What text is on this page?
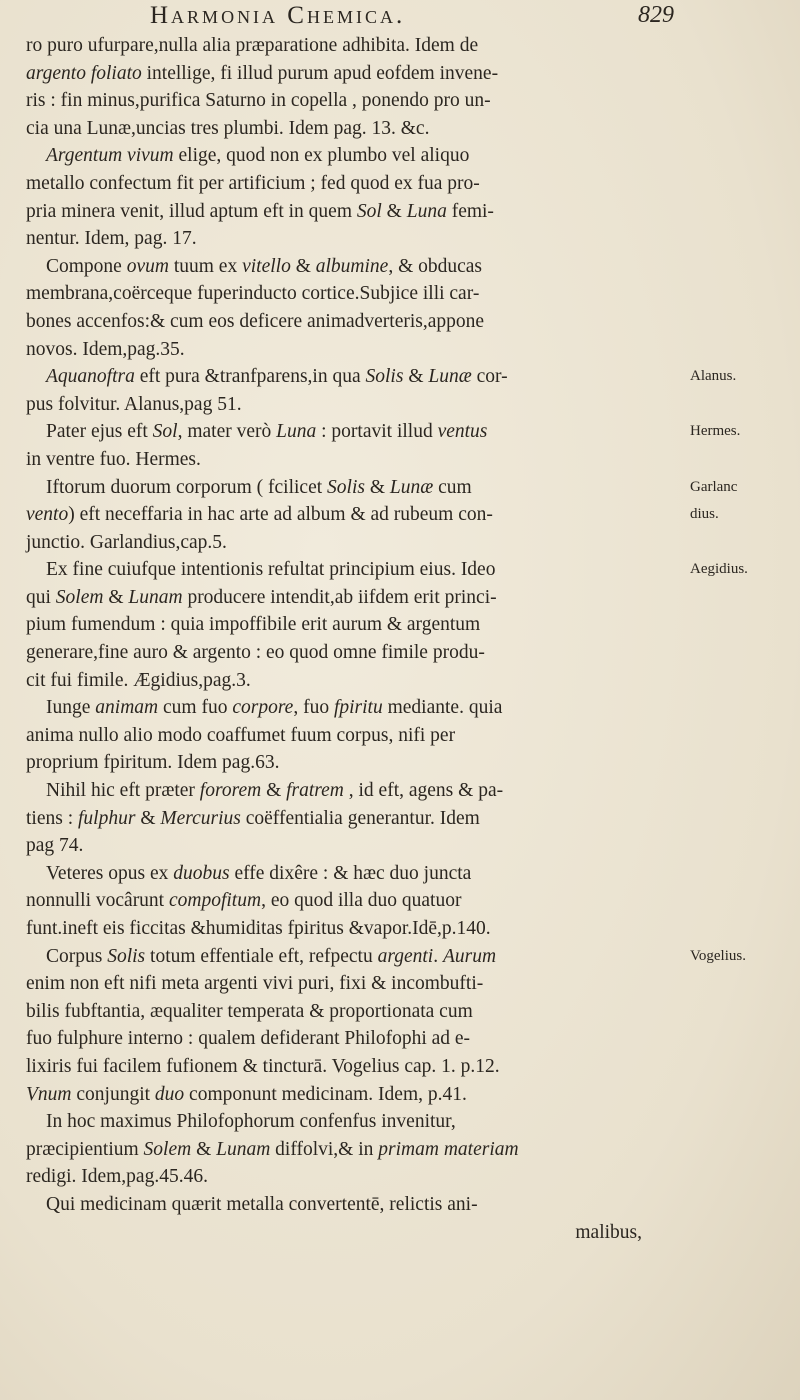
Harmonia Chemica.	829
ro puro ufurpare,nulla alia præparatione adhibita. Idem de
argento foliato intellige, fi illud purum apud eofdem invene-
ris : fin minus,purifica Saturno in copella , ponendo pro un-
cia una Lunæ,uncias tres plumbi. Idem pag. 13. &c.
Argentum vivum elige, quod non ex plumbo vel aliquo
metallo confectum fit per artificium ; fed quod ex fua pro-
pria minera venit, illud aptum eft in quem Sol & Luna femi-
nentur. Idem, pag. 17.
Compone ovum tuum ex vitello & albumine, & obducas
membrana,coërceque fuperinducto cortice.Subjice illi car-
bones accenfos:& cum eos deficere animadverteris,appone
novos. Idem,pag.35.
Aquanoftra eft pura &tranfparens,in qua Solis & Lunæ cor-
pus folvitur. Alanus,pag 51.
Pater ejus eft Sol, mater verò Luna : portavit illud ventus
in ventre fuo. Hermes.
Iftorum duorum corporum ( fcilicet Solis & Lunæ cum
vento) eft neceffaria in hac arte ad album & ad rubeum con-
junctio. Garlandius,cap.5.
Ex fine cuiufque intentionis refultat principium eius. Ideo
qui Solem & Lunam producere intendit,ab iifdem erit princi-
pium fumendum : quia impoffibile erit aurum & argentum
generare,fine auro & argento : eo quod omne fimile produ-
cit fui fimile. Ægidius,pag.3.
Iunge animam cum fuo corpore, fuo fpiritu mediante. quia
anima nullo alio modo coaffumet fuum corpus, nifi per
proprium fpiritum. Idem pag.63.
Nihil hic eft præter fororem & fratrem , id eft, agens & pa-
tiens : fulphur & Mercurius coëffentialia generantur. Idem
pag 74.
Veteres opus ex duobus effe dixêre : & hæc duo juncta
nonnulli vocârunt compofitum, eo quod illa duo quatuor
funt.ineft eis ficcitas &humiditas fpiritus &vapor.Idē,p.140.
Corpus Solis totum effentiale eft, refpectu argenti. Aurum
enim non eft nifi meta argenti vivi puri, fixi & incombufti-
bilis fubftantia, æqualiter temperata & proportionata cum
fuo fulphure interno : qualem defiderant Philofophi ad e-
lixiris fui facilem fufionem & tincturā. Vogelius cap. 1. p.12.
Vnum conjungit duo componunt medicinam. Idem, p.41.
In hoc maximus Philofophorum confenfus invenitur,
præcipientium Solem & Lunam diffolvi,& in primam materiam
redigi. Idem,pag.45.46.
Qui medicinam quærit metalla convertentē, relictis ani-
malibus,
Alanus.
Hermes.
Garlanc
dius.
Aegidius.
Vogelius.
